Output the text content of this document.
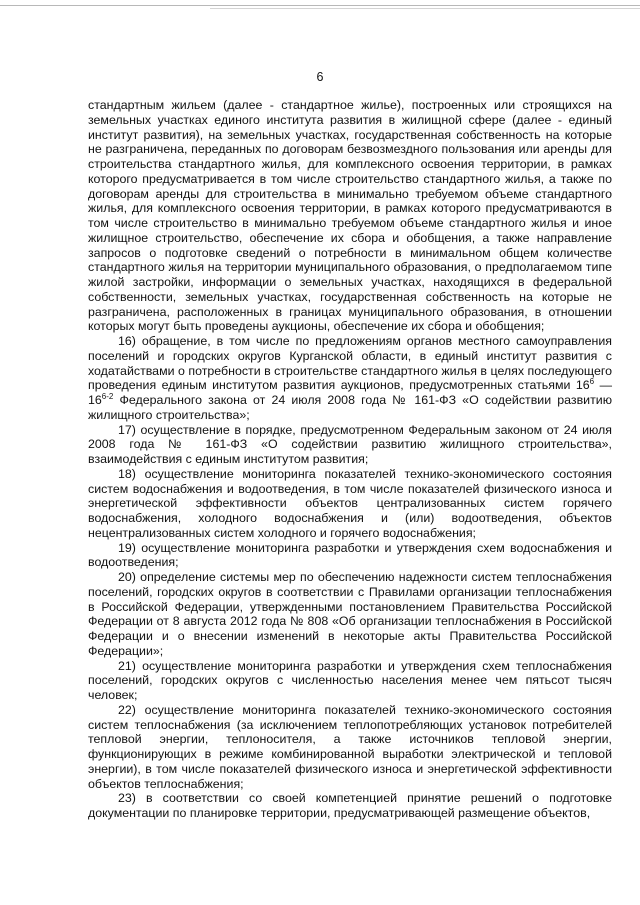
6

стандартным жильем (далее - стандартное жилье), построенных или строящихся на земельных участках единого института развития в жилищной сфере (далее - единый институт развития), на земельных участках, государственная собственность на которые не разграничена, переданных по договорам безвозмездного пользования или аренды для строительства стандартного жилья, для комплексного освоения территории, в рамках которого предусматривается в том числе строительство стандартного жилья, а также по договорам аренды для строительства в минимально требуемом объеме стандартного жилья, для комплексного освоения территории, в рамках которого предусматриваются в том числе строительство в минимально требуемом объеме стандартного жилья и иное жилищное строительство, обеспечение их сбора и обобщения, а также направление запросов о подготовке сведений о потребности в минимальном общем количестве стандартного жилья на территории муниципального образования, о предполагаемом типе жилой застройки, информации о земельных участках, находящихся в федеральной собственности, земельных участках, государственная собственность на которые не разграничена, расположенных в границах муниципального образования, в отношении которых могут быть проведены аукционы, обеспечение их сбора и обобщения;

16) обращение, в том числе по предложениям органов местного самоуправления поселений и городских округов Курганской области, в единый институт развития с ходатайствами о потребности в строительстве стандартного жилья в целях последующего проведения единым институтом развития аукционов, предусмотренных статьями $16^6$ — 16$^{6-2}$ Федерального закона от 24 июля 2008 года № 161-ФЗ «О содействии развитию жилищного строительства»;

17) осуществление в порядке, предусмотренном Федеральным законом от 24 июля 2008 года № 161-ФЗ «О содействии развитию жилищного строительства», взаимодействия с единым институтом развития;

18) осуществление мониторинга показателей технико-экономического состояния систем водоснабжения и водоотведения, в том числе показателей физического износа и энергетической эффективности объектов централизованных систем горячего водоснабжения, холодного водоснабжения и (или) водоотведения, объектов нецентрализованных систем холодного и горячего водоснабжения;

19) осуществление мониторинга разработки и утверждения схем водоснабжения и водоотведения;

20) определение системы мер по обеспечению надежности систем теплоснабжения поселений, городских округов в соответствии с Правилами организации теплоснабжения в Российской Федерации, утвержденными постановлением Правительства Российской Федерации от 8 августа 2012 года № 808 «Об организации теплоснабжения в Российской Федерации и о внесении изменений в некоторые акты Правительства Российской Федерации»;

21) осуществление мониторинга разработки и утверждения схем теплоснабжения поселений, городских округов с численностью населения менее чем пятьсот тысяч человек;

22) осуществление мониторинга показателей технико-экономического состояния систем теплоснабжения (за исключением теплопотребляющих установок потребителей тепловой энергии, теплоносителя, а также источников тепловой энергии, функционирующих в режиме комбинированной выработки электрической и тепловой энергии), в том числе показателей физического износа и энергетической эффективности объектов теплоснабжения;

23) в соответствии со своей компетенцией принятие решений о подготовке документации по планировке территории, предусматривающей размещение объектов,
